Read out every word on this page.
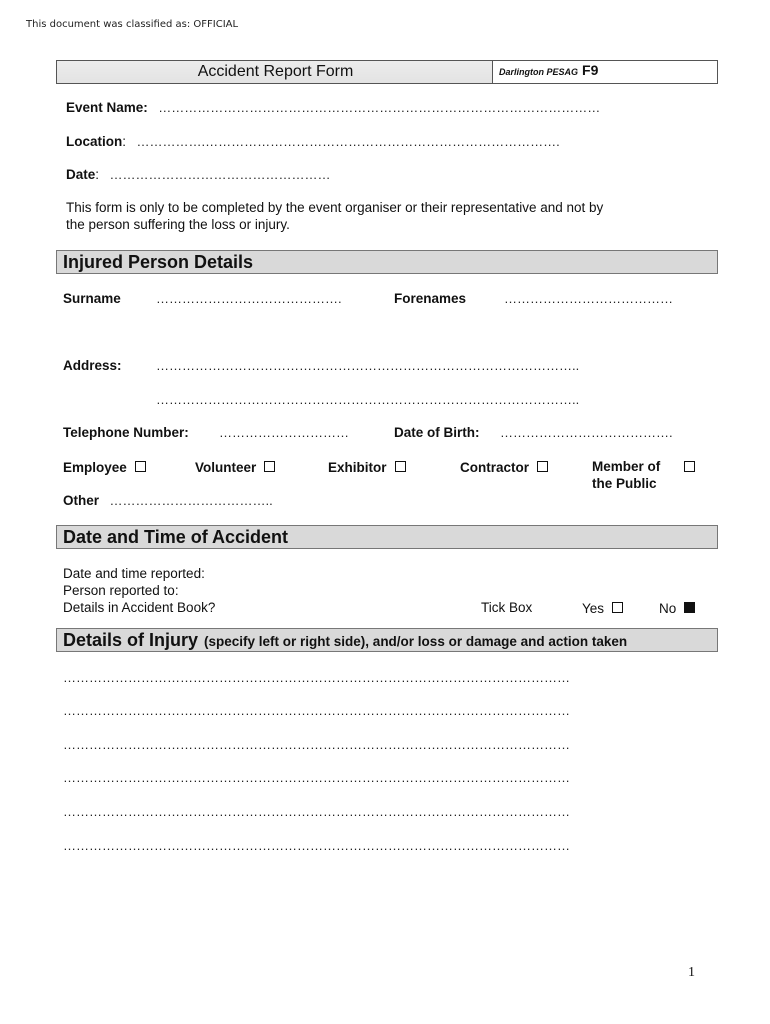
This document was classified as: OFFICIAL
Accident Report Form	Darlington PESAG F9
Event Name: …………………………………………………………………………………………
Location: …………….……………………………………………………………………….
Date: ……………………………………………
This form is only to be completed by the event organiser or their representative and not by
the person suffering the loss or injury.
Injured Person Details
Surname	…………………………………….	Forenames	…………………………………
Address:	……………………………………………………………………………………..
……………………………………………………………………………………..
Telephone Number: …………………………	Date of Birth: ………………………………….
Employee	Volunteer	Exhibitor	Contractor	Member of
the Public
Other ………………………………..
Date and Time of Accident
Date and time reported:
Person reported to:
Details in Accident Book?	Tick Box	Yes	No
Details of Injury (specify left or right side), and/or loss or damage and action taken
………………………………………………………………………………………………………
………………………………………………………………………………………………………
………………………………………………………………………………………………………
………………………………………………………………………………………………………
………………………………………………………………………………………………………
………………………………………………………………………………………………………
1
